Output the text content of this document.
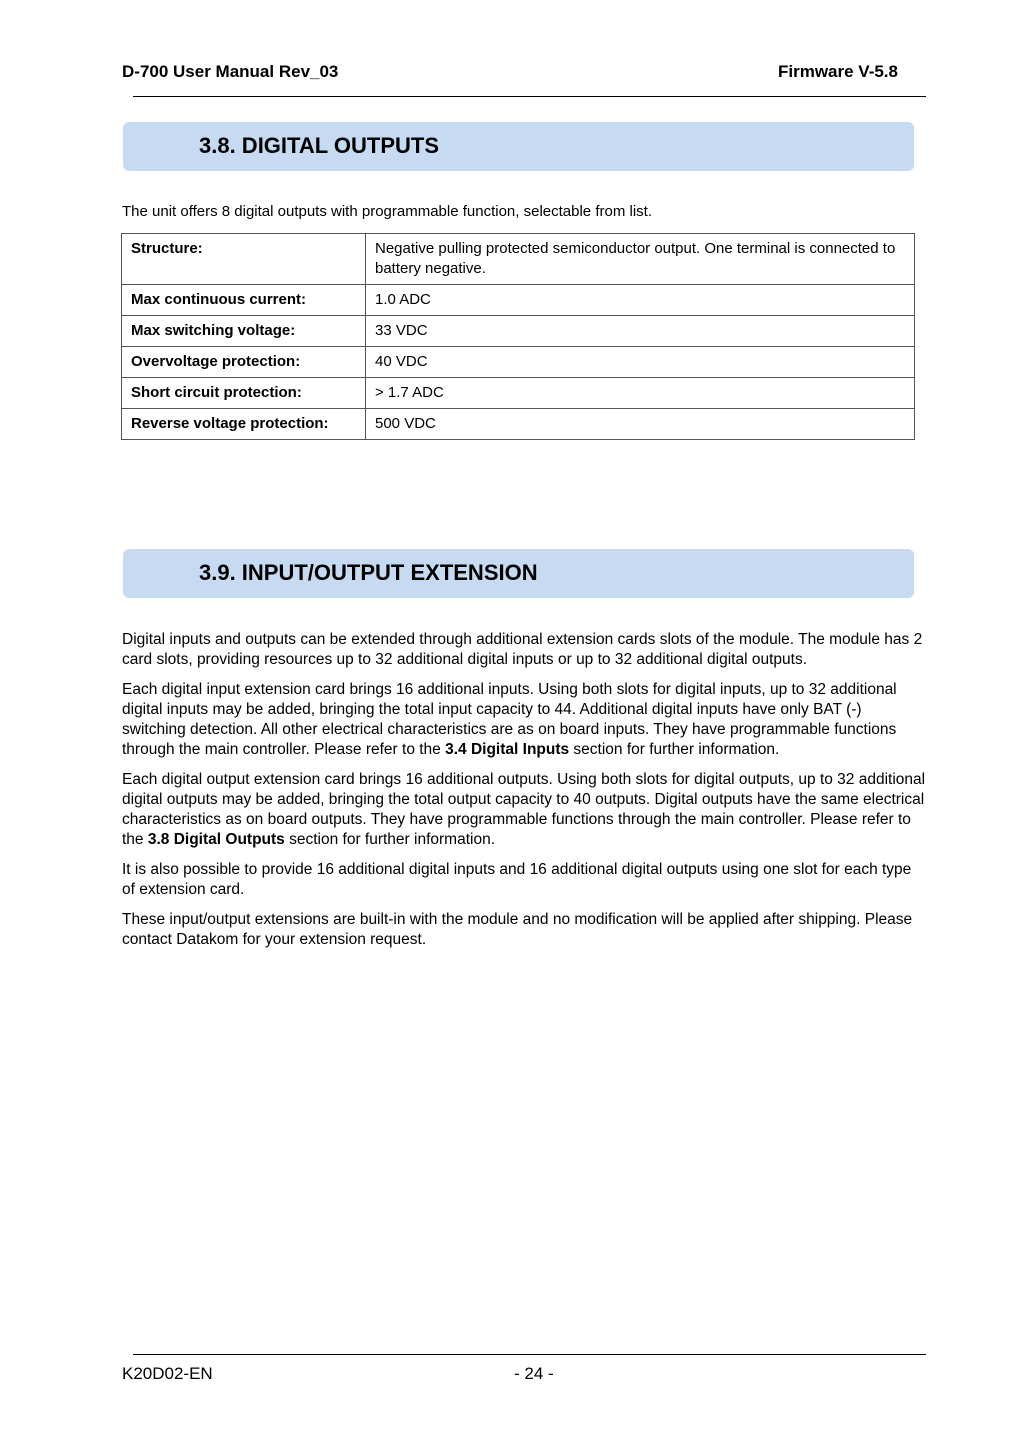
D-700 User Manual Rev_03	Firmware V-5.8
3.8. DIGITAL OUTPUTS
The unit offers 8 digital outputs with programmable function, selectable from list.
Structure:	Negative pulling protected semiconductor output. One terminal is connected to battery negative.
Max continuous current:	1.0 ADC
Max switching voltage:	33 VDC
Overvoltage protection:	40 VDC
Short circuit protection:	> 1.7 ADC
Reverse voltage protection:	500 VDC
3.9. INPUT/OUTPUT EXTENSION

Digital inputs and outputs can be extended through additional extension cards slots of the module. The module has 2 card slots, providing resources up to 32 additional digital inputs or up to 32 additional digital outputs.

Each digital input extension card brings 16 additional inputs. Using both slots for digital inputs, up to 32 additional digital inputs may be added, bringing the total input capacity to 44. Additional digital inputs have only BAT (-) switching detection. All other electrical characteristics are as on board inputs. They have programmable functions through the main controller. Please refer to the 3.4 Digital Inputs section for further information.

Each digital output extension card brings 16 additional outputs. Using both slots for digital outputs, up to 32 additional digital outputs may be added, bringing the total output capacity to 40 outputs. Digital outputs have the same electrical characteristics as on board outputs. They have programmable functions through the main controller. Please refer to the 3.8 Digital Outputs section for further information.

It is also possible to provide 16 additional digital inputs and 16 additional digital outputs using one slot for each type of extension card.

These input/output extensions are built-in with the module and no modification will be applied after shipping. Please contact Datakom for your extension request.

K20D02-EN	- 24 -
